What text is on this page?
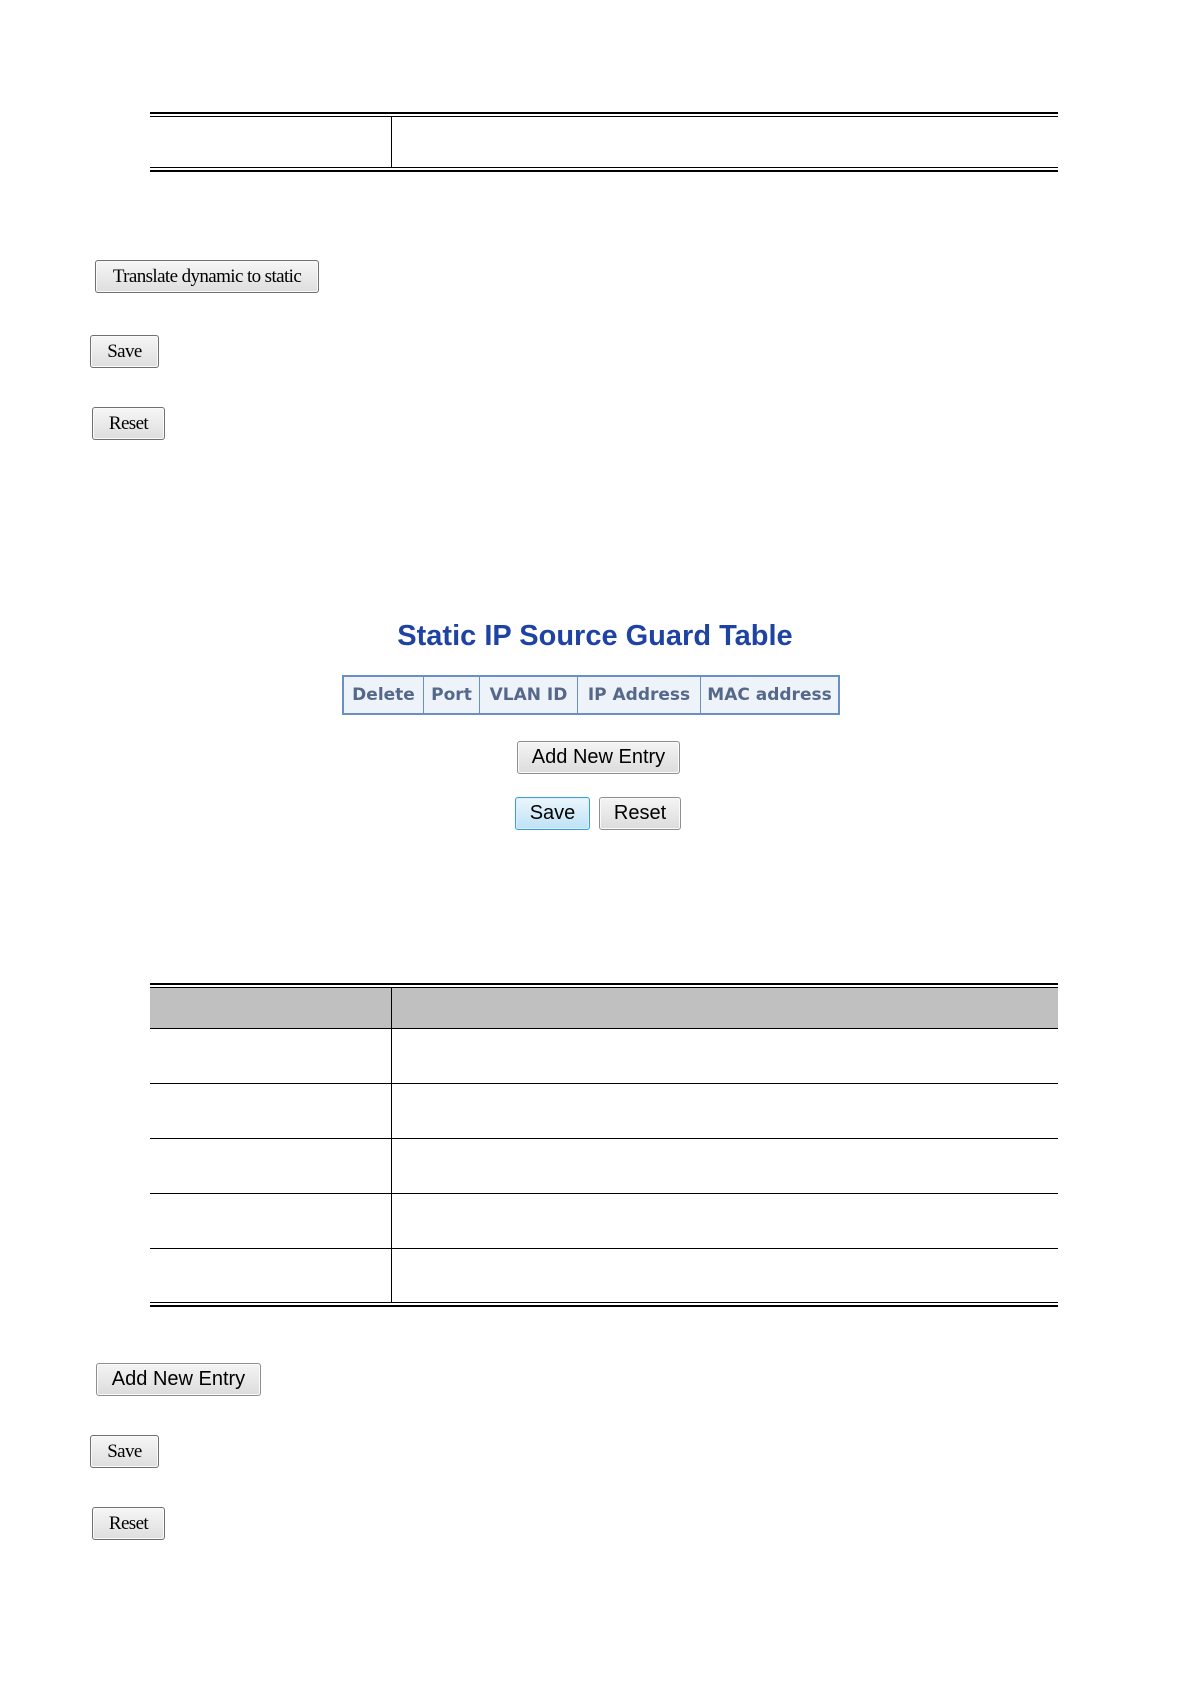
Translate dynamic to static
Save
Reset
Static IP Source Guard Table
Delete	Port	VLAN ID	IP Address	MAC address
Add New Entry
Save	Reset
Add New Entry
Save
Reset
